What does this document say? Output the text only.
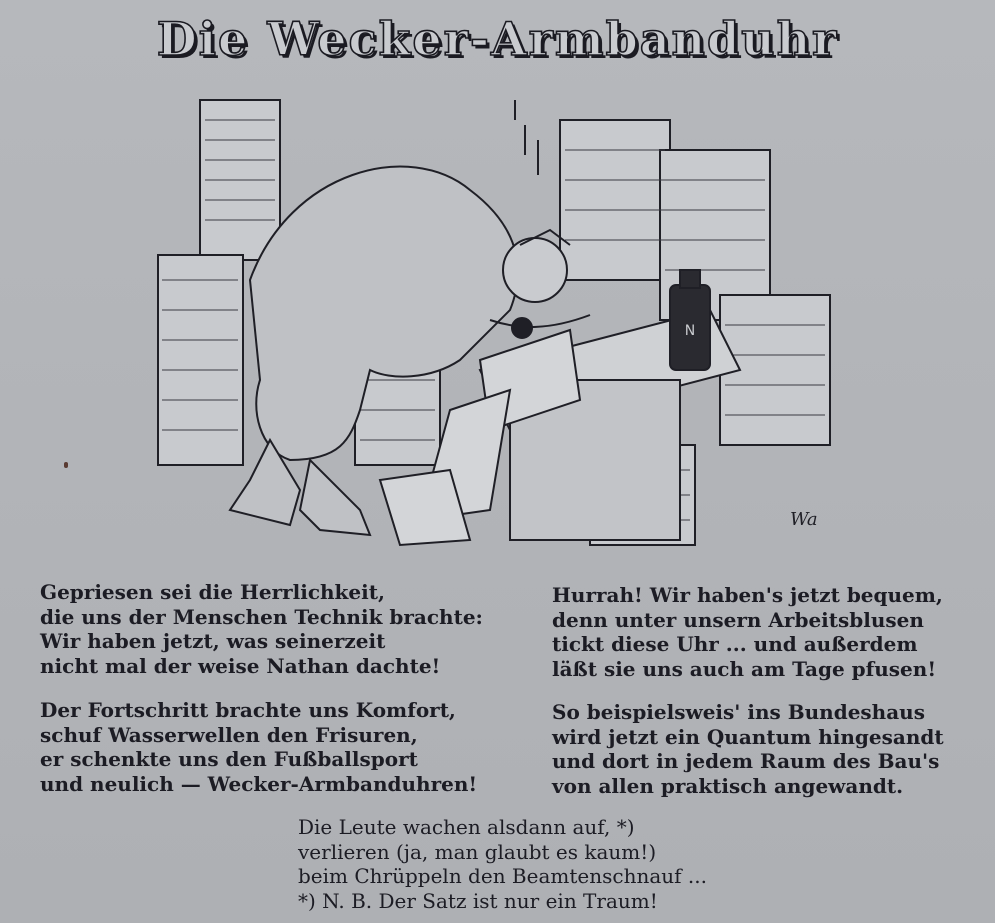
Die Wecker-Armbanduhr
N
Wa
Gepriesen sei die Herrlichkeit,
die uns der Menschen Technik brachte:
Wir haben jetzt, was seinerzeit
nicht mal der weise Nathan dachte!
Der Fortschritt brachte uns Komfort,
schuf Wasserwellen den Frisuren,
er schenkte uns den Fußballsport
und neulich — Wecker-Armbanduhren!
Hurrah! Wir haben's jetzt bequem,
denn unter unsern Arbeitsblusen
tickt diese Uhr ... und außerdem
läßt sie uns auch am Tage pfusen!
So beispielsweis' ins Bundeshaus
wird jetzt ein Quantum hingesandt
und dort in jedem Raum des Bau's
von allen praktisch angewandt.
Die Leute wachen alsdann auf, *)
verlieren (ja, man glaubt es kaum!)
beim Chrüppeln den Beamtenschnauf ...
*) N. B. Der Satz ist nur ein Traum!
